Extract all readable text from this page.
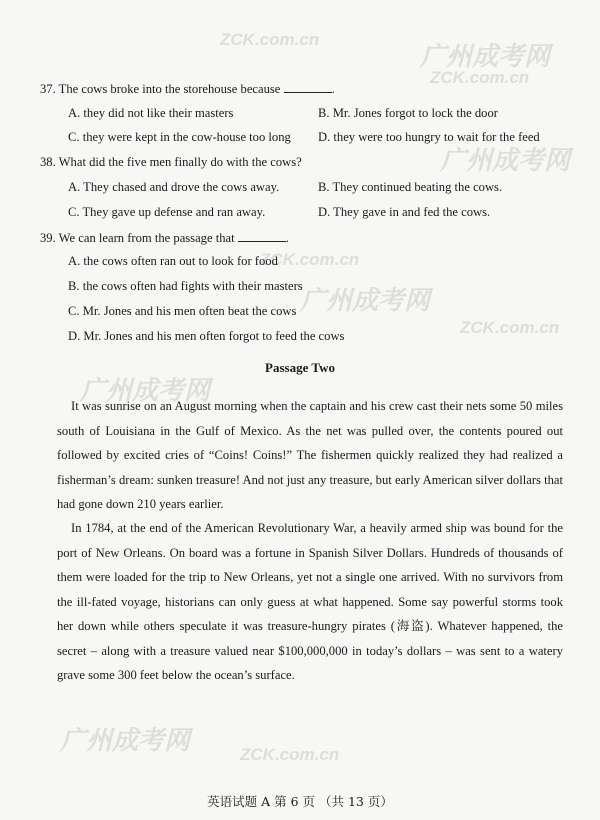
ZCK.com.cn
广州成考网
ZCK.com.cn
广州成考网
ZCK.com.cn
广州成考网
ZCK.com.cn
广州成考网
广州成考网	ZCK.com.cn
37. The cows broke into the storehouse because	.
A. they did not like their masters	B. Mr. Jones forgot to lock the door
C. they were kept in the cow-house too long D. they were too hungry to wait for the feed
38. What did the five men finally do with the cows?
A. They chased and drove the cows away.	B. They continued beating the cows.
C. They gave up defense and ran away.	D. They gave in and fed the cows.
39. We can learn from the passage that	.
A. the cows often ran out to look for food
B. the cows often had fights with their masters
C. Mr. Jones and his men often beat the cows
D. Mr. Jones and his men often forgot to feed the cows
Passage Two
It was sunrise on an August morning when the captain and his crew cast their nets some 50 miles south of Louisiana in the Gulf of Mexico. As the net was pulled over, the contents poured out followed by excited cries of “Coins! Coins!” The fishermen quickly realized they had realized a fisherman’s dream: sunken treasure! And not just any treasure, but early American silver dollars that had gone down 210 years earlier.
In 1784, at the end of the American Revolutionary War, a heavily armed ship was bound for the port of New Orleans. On board was a fortune in Spanish Silver Dollars. Hundreds of thousands of them were loaded for the trip to New Orleans, yet not a single one arrived. With no survivors from the ill-fated voyage, historians can only guess at what happened. Some say powerful storms took her down while others speculate it was treasure-hungry pirates (海盗). Whatever happened, the secret – along with a treasure valued near $100,000,000 in today’s dollars – was sent to a watery grave some 300 feet below the ocean’s surface.
英语试题 A 第 6 页 （共 13 页）
